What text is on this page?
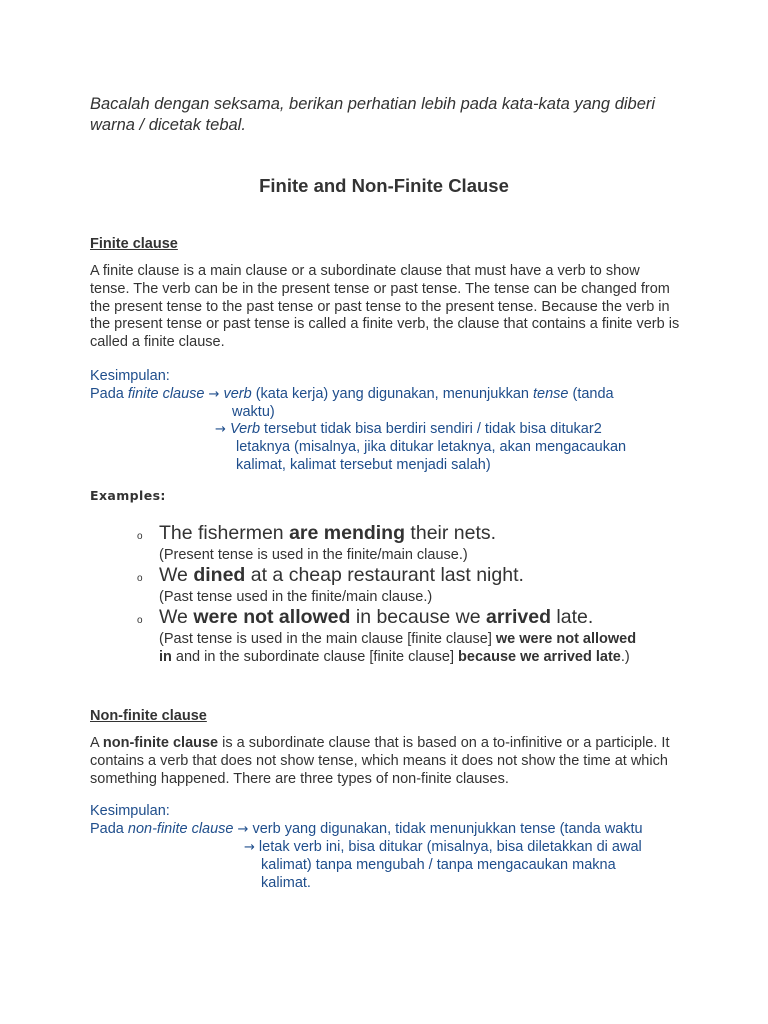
Bacalah dengan seksama, berikan perhatian lebih pada kata-kata yang diberi warna / dicetak tebal.
Finite and Non-Finite Clause
Finite clause
A finite clause is a main clause or a subordinate clause that must have a verb to show tense. The verb can be in the present tense or past tense. The tense can be changed from the present tense to the past tense or past tense to the present tense. Because the verb in the present tense or past tense is called a finite verb, the clause that contains a finite verb is called a finite clause.
Kesimpulan:
Pada finite clause → verb (kata kerja) yang digunakan, menunjukkan tense (tanda
waktu)
→ Verb tersebut tidak bisa berdiri sendiri / tidak bisa ditukar2
letaknya (misalnya, jika ditukar letaknya, akan mengacaukan
kalimat, kalimat tersebut menjadi salah)
Examples:
o The fishermen are mending their nets.
(Present tense is used in the finite/main clause.)
o We dined at a cheap restaurant last night.
(Past tense used in the finite/main clause.)
o We were not allowed in because we arrived late.
(Past tense is used in the main clause [finite clause] we were not allowed
in and in the subordinate clause [finite clause] because we arrived late.)
Non-finite clause
A non-finite clause is a subordinate clause that is based on a to-infinitive or a participle. It contains a verb that does not show tense, which means it does not show the time at which something happened. There are three types of non-finite clauses.
Kesimpulan:
Pada non-finite clause → verb yang digunakan, tidak menunjukkan tense (tanda waktu
→ letak verb ini, bisa ditukar (misalnya, bisa diletakkan di awal
kalimat) tanpa mengubah / tanpa mengacaukan makna
kalimat.
